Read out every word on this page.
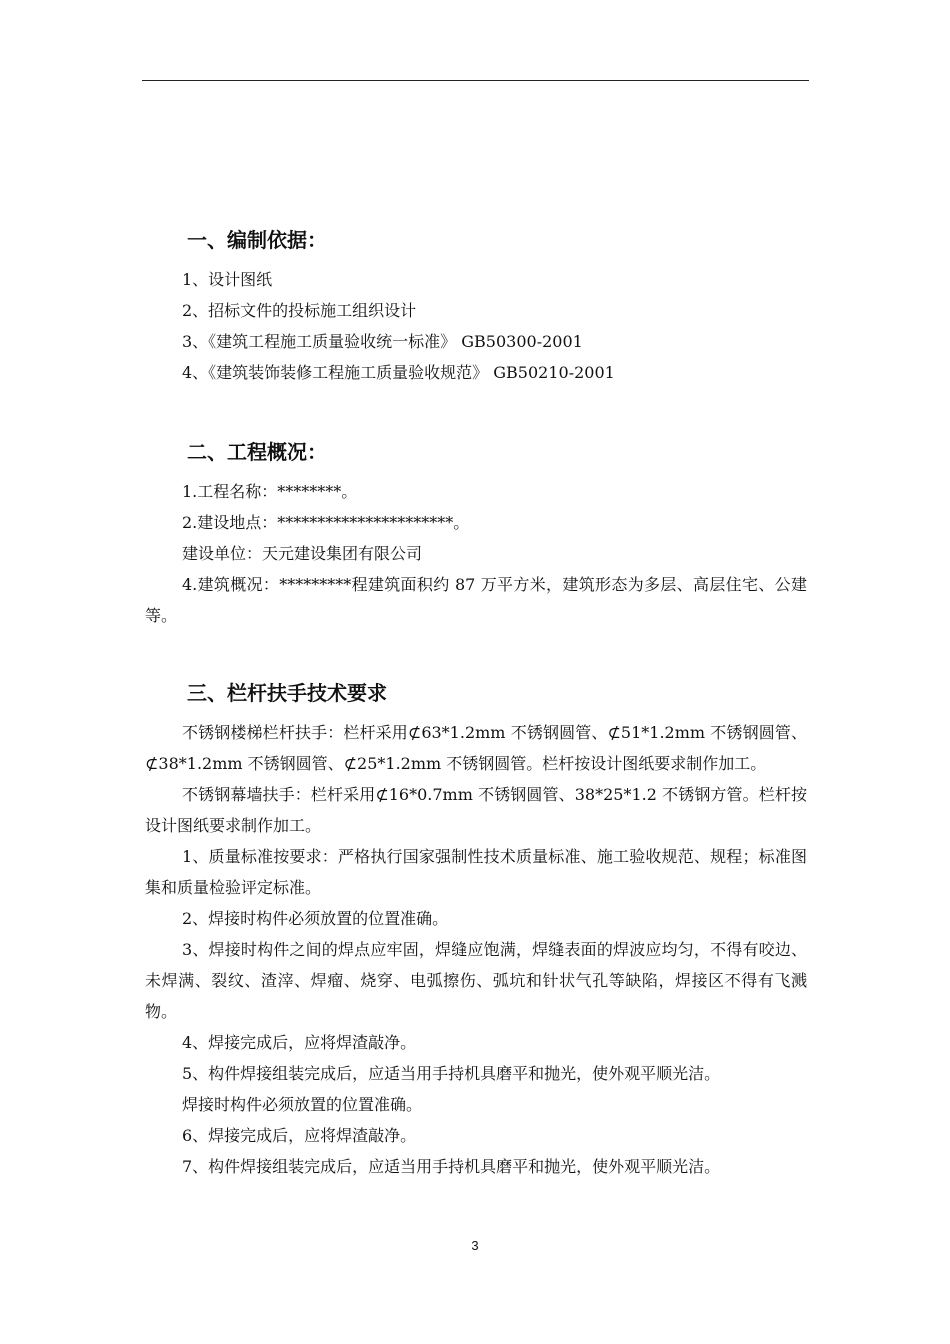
一、编制依据：
1、设计图纸
2、招标文件的投标施工组织设计
3、《建筑工程施工质量验收统一标准》 GB50300-2001
4、《建筑装饰装修工程施工质量验收规范》 GB50210-2001
二、工程概况：
1.工程名称：********。
2.建设地点：**********************。
建设单位：天元建设集团有限公司
4.建筑概况：*********程建筑面积约 87 万平方米，建筑形态为多层、高层住宅、公建等。
三、栏杆扶手技术要求
不锈钢楼梯栏杆扶手：栏杆采用⊄63*1.2mm 不锈钢圆管、⊄51*1.2mm 不锈钢圆管、⊄38*1.2mm 不锈钢圆管、⊄25*1.2mm 不锈钢圆管。栏杆按设计图纸要求制作加工。
不锈钢幕墙扶手：栏杆采用⊄16*0.7mm 不锈钢圆管、38*25*1.2 不锈钢方管。栏杆按设计图纸要求制作加工。
1、质量标准按要求：严格执行国家强制性技术质量标准、施工验收规范、规程；标准图集和质量检验评定标准。
2、焊接时构件必须放置的位置准确。
3、焊接时构件之间的焊点应牢固，焊缝应饱满，焊缝表面的焊波应均匀，不得有咬边、未焊满、裂纹、渣滓、焊瘤、烧穿、电弧擦伤、弧坑和针状气孔等缺陷，焊接区不得有飞溅物。
4、焊接完成后，应将焊渣敲净。
5、构件焊接组装完成后，应适当用手持机具磨平和抛光，使外观平顺光洁。
焊接时构件必须放置的位置准确。
6、焊接完成后，应将焊渣敲净。
7、构件焊接组装完成后，应适当用手持机具磨平和抛光，使外观平顺光洁。
3
